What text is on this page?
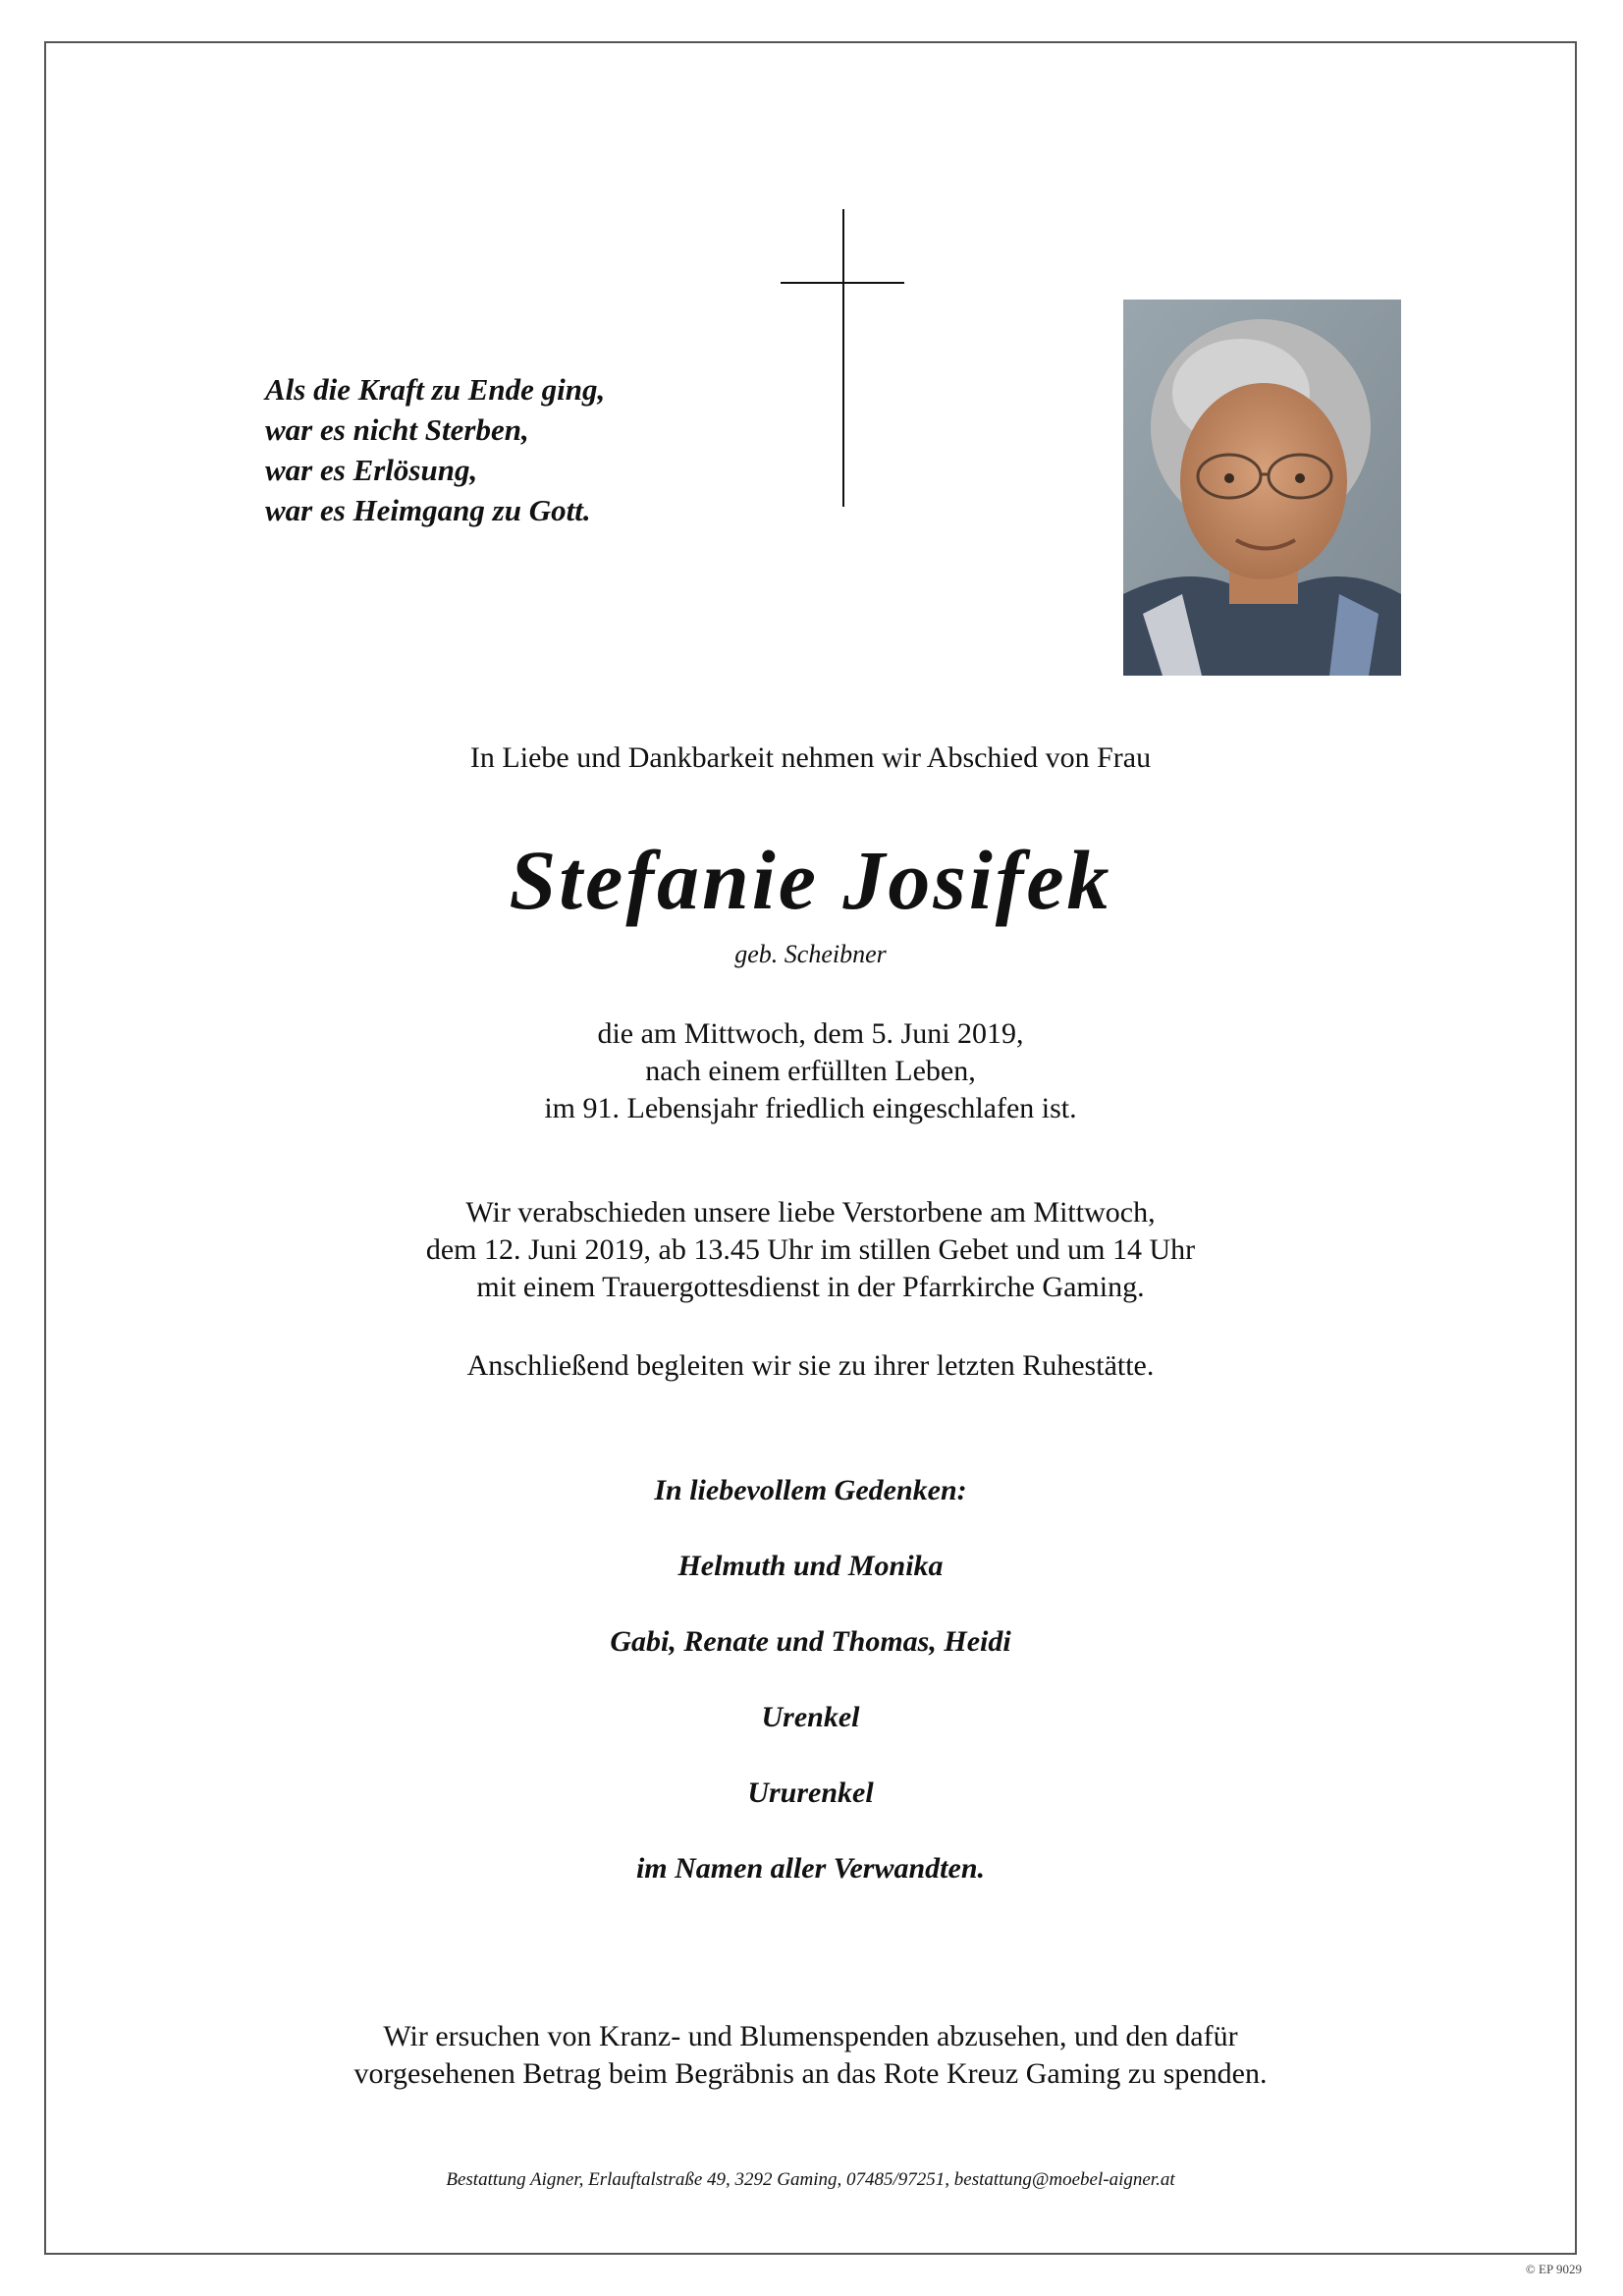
Als die Kraft zu Ende ging,
war es nicht Sterben,
war es Erlösung,
war es Heimgang zu Gott.
In Liebe und Dankbarkeit nehmen wir Abschied von Frau
Stefanie Josifek
geb. Scheibner
die am Mittwoch, dem 5. Juni 2019,
nach einem erfüllten Leben,
im 91. Lebensjahr friedlich eingeschlafen ist.
Wir verabschieden unsere liebe Verstorbene am Mittwoch,
dem 12. Juni 2019, ab 13.45 Uhr im stillen Gebet und um 14 Uhr
mit einem Trauergottesdienst in der Pfarrkirche Gaming.
Anschließend begleiten wir sie zu ihrer letzten Ruhestätte.
In liebevollem Gedenken:
Helmuth und Monika
Gabi, Renate und Thomas, Heidi
Urenkel
Ururenkel
im Namen aller Verwandten.
Wir ersuchen von Kranz- und Blumenspenden abzusehen, und den dafür
vorgesehenen Betrag beim Begräbnis an das Rote Kreuz Gaming zu spenden.
Bestattung Aigner, Erlauftalstraße 49, 3292 Gaming, 07485/97251, bestattung@moebel-aigner.at
© EP 9029
